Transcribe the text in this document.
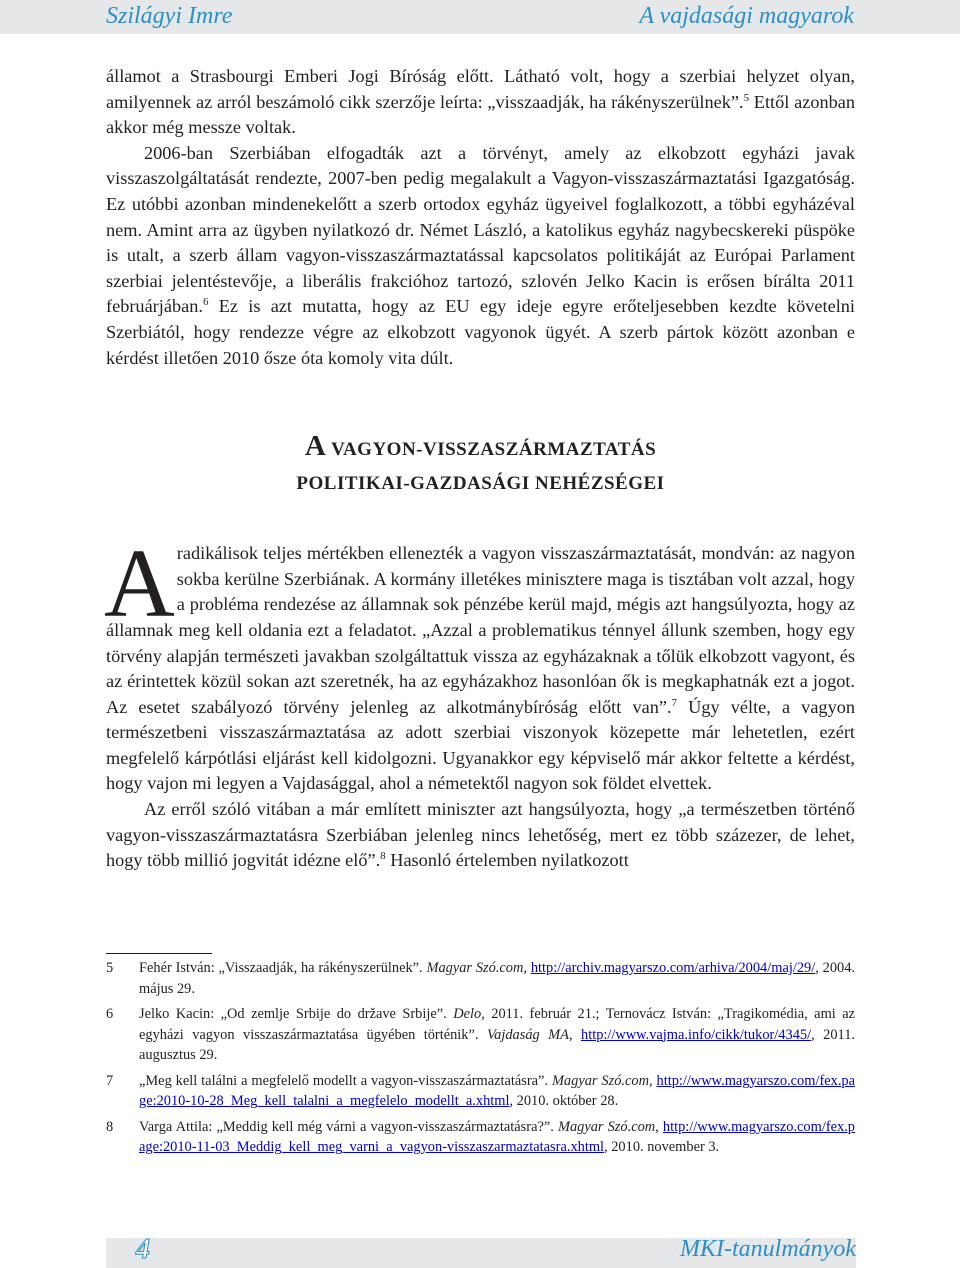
Szilágyi Imre	A vajdasági magyarok

államot a Strasbourgi Emberi Jogi Bíróság előtt. Látható volt, hogy a szerbiai helyzet olyan, amilyennek az arról beszámoló cikk szerzője leírta: „visszaadják, ha rákényszerülnek”.$^5$ Ettől azonban akkor még messze voltak.

2006-ban Szerbiában elfogadták azt a törvényt, amely az elkobzott egyházi javak visszaszolgáltatását rendezte, 2007-ben pedig megalakult a Vagyon-visszaszármaztatási Igazgatóság. Ez utóbbi azonban mindenekelőtt a szerb ortodox egyház ügyeivel foglalkozott, a többi egyházéval nem. Amint arra az ügyben nyilatkozó dr. Német László, a katolikus egyház nagybecskereki püspöke is utalt, a szerb állam vagyon-visszaszármaztatással kapcsolatos politikáját az Európai Parlament szerbiai jelentéstevője, a liberális frakcióhoz tartozó, szlovén Jelko Kacin is erősen bírálta 2011 februárjában.$^6$ Ez is azt mutatta, hogy az EU egy ideje egyre erőteljesebben kezdte követelni Szerbiától, hogy rendezze végre az elkobzott vagyonok ügyét. A szerb pártok között azonban e kérdést illetően 2010 ősze óta komoly vita dúlt.

A VAGYON-VISSZASZÁRMAZTATÁS
POLITIKAI-GAZDASÁGI NEHÉZSÉGEI

Aradikálisok teljes mértékben ellenezték a vagyon visszaszármaztatását, mondván: az nagyon sokba kerülne Szerbiának. A kormány illetékes minisztere maga is tisztában volt azzal, hogy a probléma rendezése az államnak sok pénzébe kerül majd, mégis azt hangsúlyozta, hogy az államnak meg kell oldania ezt a feladatot. „Azzal a problematikus ténnyel állunk szemben, hogy egy törvény alapján természeti javakban szolgáltattuk vissza az egyházaknak a tőlük elkobzott vagyont, és az érintettek közül sokan azt szeretnék, ha az egyházakhoz hasonlóan ők is megkaphatnák ezt a jogot. Az esetet szabályozó törvény jelenleg az alkotmánybíróság előtt van”.$^7$ Úgy vélte, a vagyon természetbeni visszaszármaztatása az adott szerbiai viszonyok közepette már lehetetlen, ezért megfelelő kárpótlási eljárást kell kidolgozni. Ugyanakkor egy képviselő már akkor feltette a kérdést, hogy vajon mi legyen a Vajdasággal, ahol a németektől nagyon sok földet elvettek.

Az erről szóló vitában a már említett miniszter azt hangsúlyozta, hogy „a természetben történő vagyon-visszaszármaztatásra Szerbiában jelenleg nincs lehetőség, mert ez több százezer, de lehet, hogy több millió jogvitát idézne elő”.$^8$ Hasonló értelemben nyilatkozott

5 Fehér István: „Visszaadják, ha rákényszerülnek”. Magyar Szó.com, http://archiv.magyarszo.com/arhiva/2004/maj/29/, 2004. május 29.
6 Jelko Kacin: „Od zemlje Srbije do države Srbije”. Delo, 2011. február 21.; Ternovácz István: „Tragikomédia, ami az egyházi vagyon visszaszármaztatása ügyében történik”. Vajdaság MA, http://www.vajma.info/cikk/tukor/4345/, 2011. augusztus 29.
7 „Meg kell találni a megfelelő modellt a vagyon-visszaszármaztatásra”. Magyar Szó.com, http://www.magyarszo.com/fex.page:2010-10-28_Meg_kell_talalni_a_megfelelo_modellt_a.xhtml, 2010. október 28.
8 Varga Attila: „Meddig kell még várni a vagyon-visszaszármaztatásra?”. Magyar Szó.com, http://www.magyarszo.com/fex.page:2010-11-03_Meddig_kell_meg_varni_a_vagyon-visszaszarmaztatasra.xhtml, 2010. november 3.
4	MKI-tanulmányok
